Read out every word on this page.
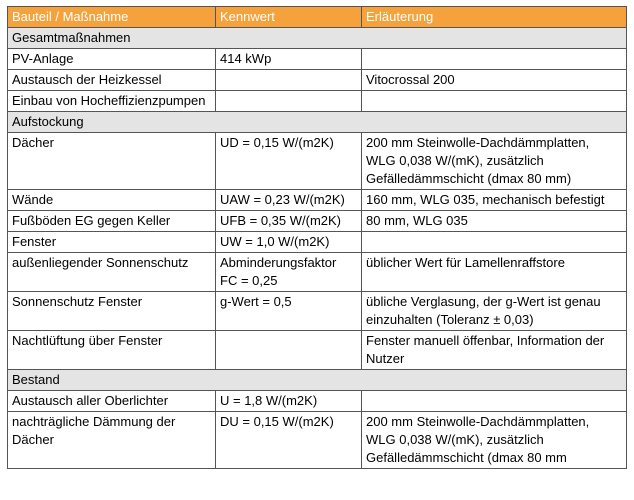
Bauteil / Maßnahme	Kennwert	Erläuterung
Gesamtmaßnahmen		
PV-Anlage	414 kWp	
Austausch der Heizkessel		Vitocrossal 200
Einbau von Hocheffizienzpumpen		
Aufstockung		
Dächer	UD = 0,15 W/(m2K)	200 mm Steinwolle-Dachdämmplatten, WLG 0,038 W/(mK), zusätzlich Gefälledämmschicht (dmax 80 mm)
Wände	UAW = 0,23 W/(m2K)	160 mm, WLG 035, mechanisch befestigt
Fußböden EG gegen Keller	UFB = 0,35 W/(m2K)	80 mm, WLG 035
Fenster	UW = 1,0 W/(m2K)	
außenliegender Sonnenschutz	Abminderungsfaktor FC = 0,25	üblicher Wert für Lamellenraffstore
Sonnenschutz Fenster	g-Wert = 0,5	übliche Verglasung, der g-Wert ist genau einzuhalten (Toleranz ± 0,03)
Nachtlüftung über Fenster		Fenster manuell öffenbar, Information der Nutzer
Bestand		
Austausch aller Oberlichter	U = 1,8 W/(m2K)	
nachträgliche Dämmung der Dächer	DU = 0,15 W/(m2K)	200 mm Steinwolle-Dachdämmplatten, WLG 0,038 W/(mK), zusätzlich Gefälledämmschicht (dmax 80 mm
